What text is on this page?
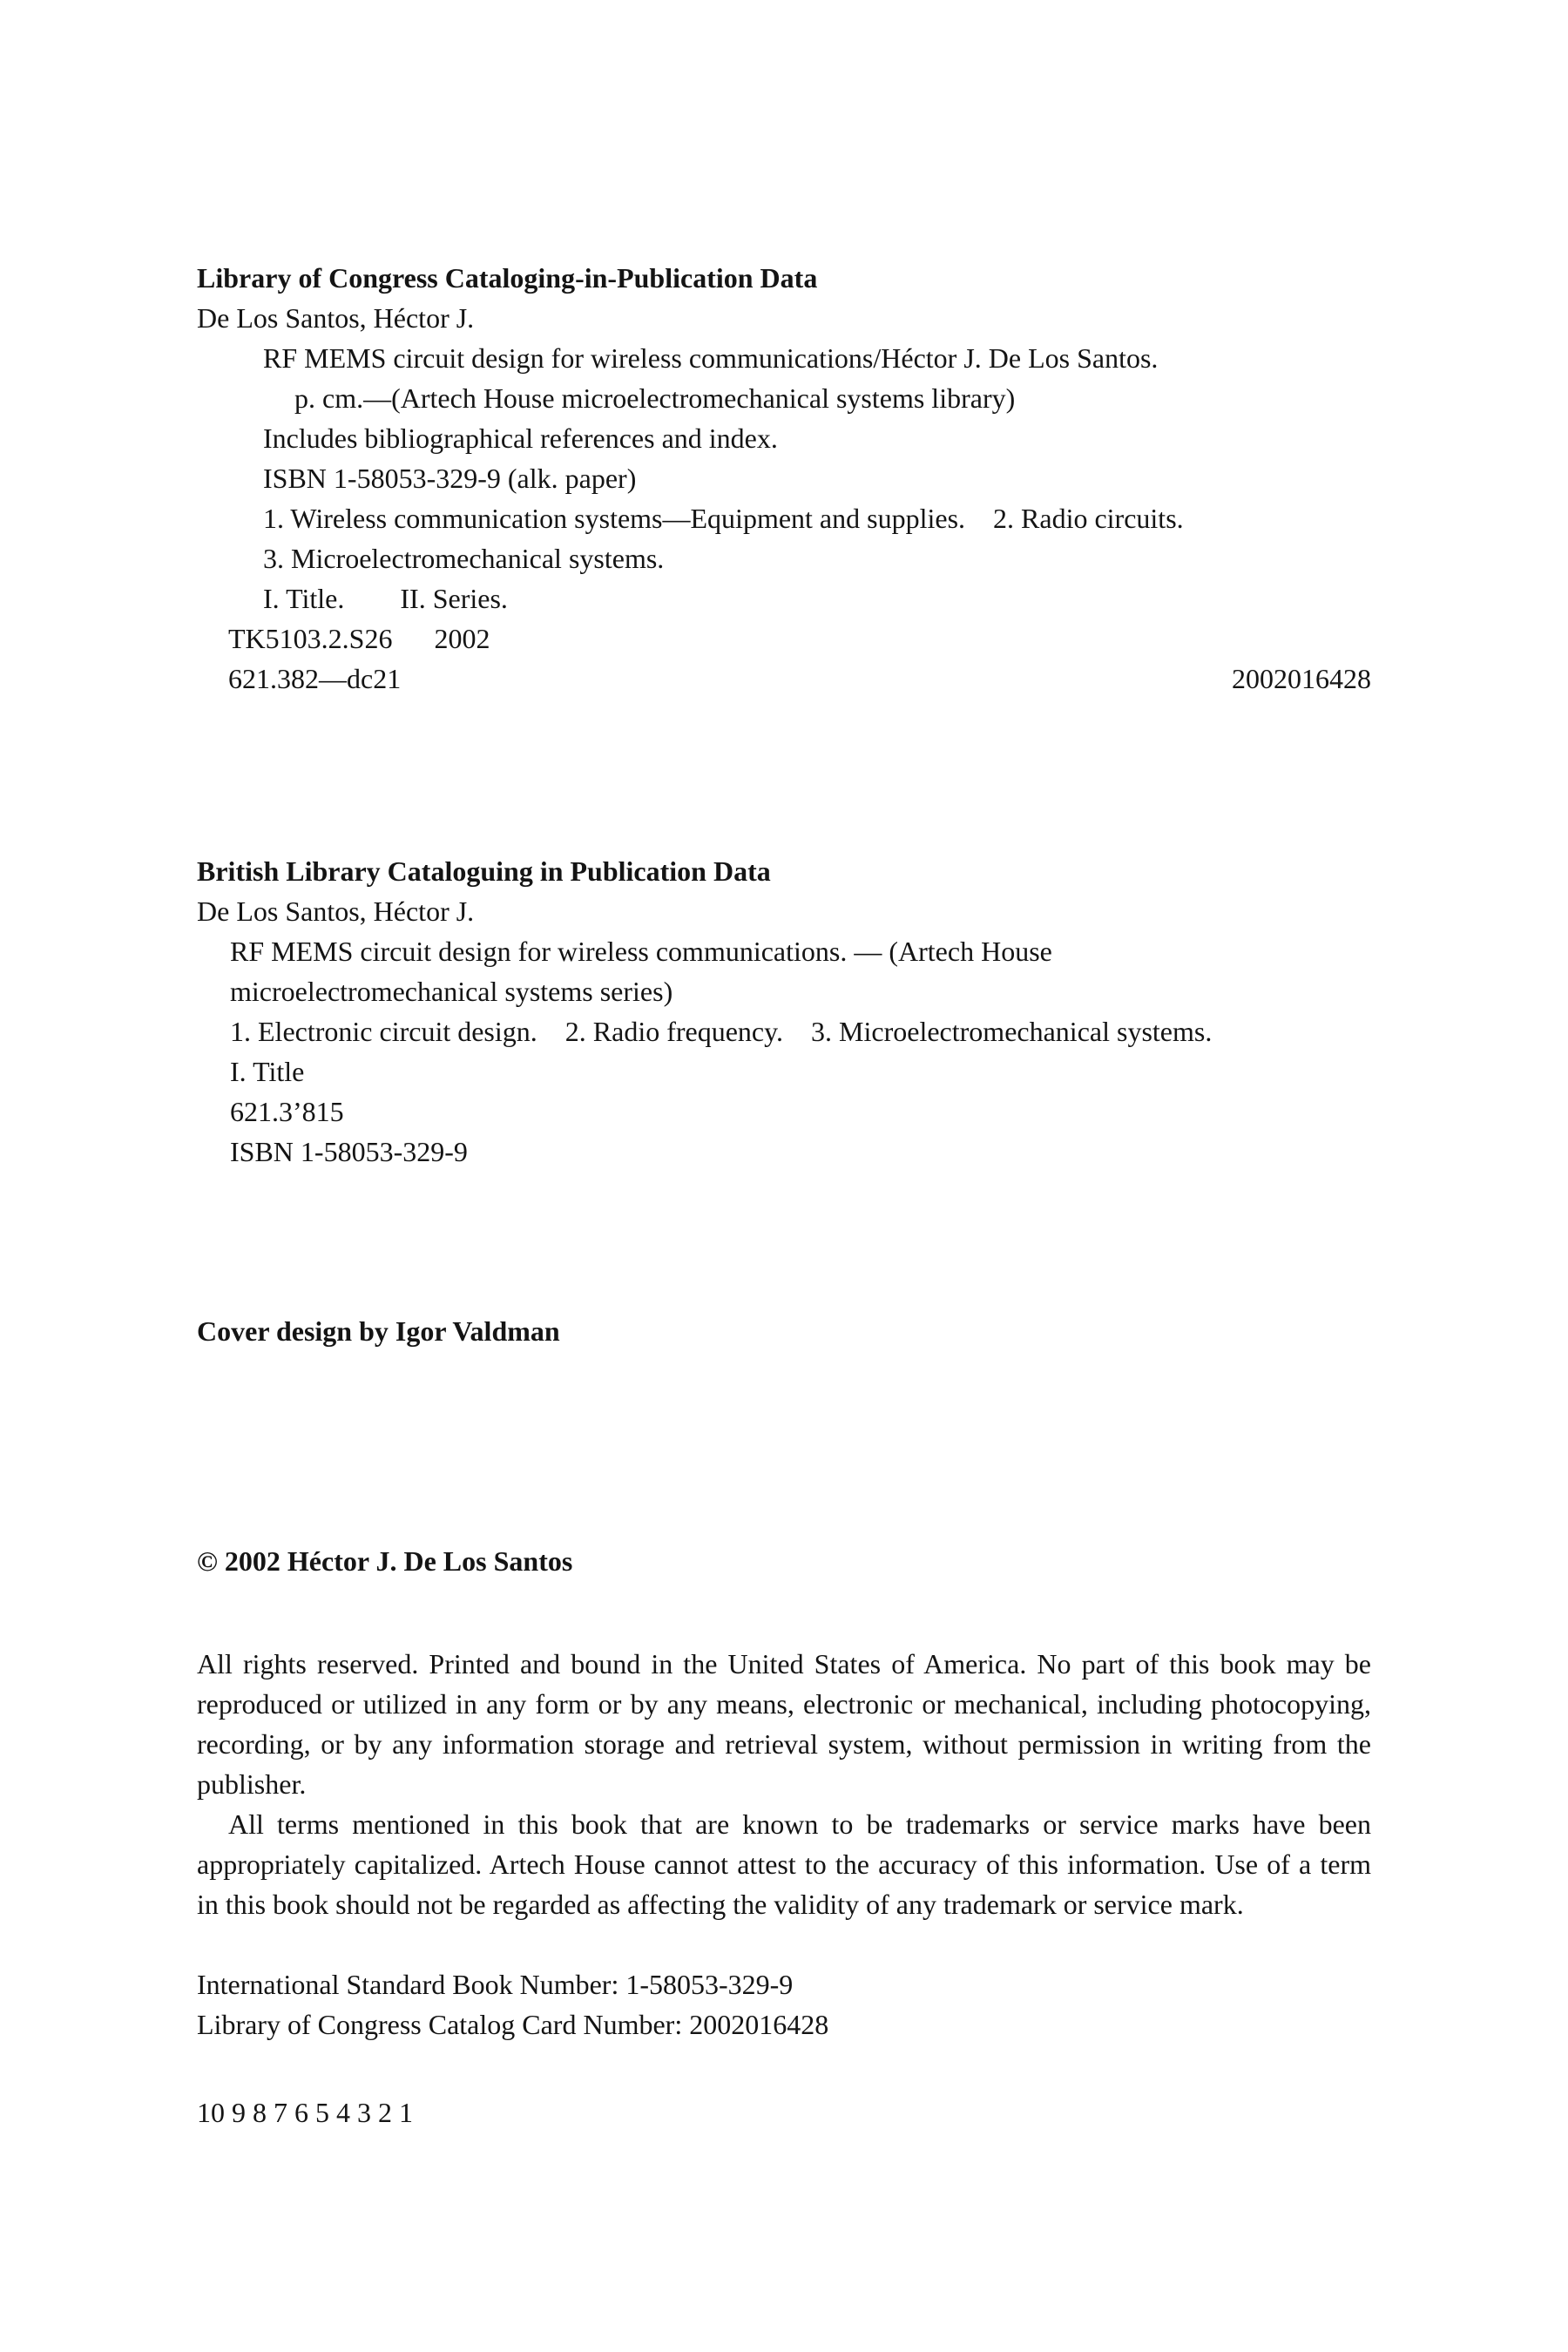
Library of Congress Cataloging-in-Publication Data
De Los Santos, Héctor J.
RF MEMS circuit design for wireless communications/Héctor J. De Los Santos.
p. cm.—(Artech House microelectromechanical systems library)
Includes bibliographical references and index.
ISBN 1-58053-329-9 (alk. paper)
1. Wireless communication systems—Equipment and supplies.    2. Radio circuits.
3. Microelectromechanical systems.
I. Title.        II. Series.
TK5103.2.S26      2002
621.382—dc21	2002016428
British Library Cataloguing in Publication Data
De Los Santos, Héctor J.
RF MEMS circuit design for wireless communications. — (Artech House
microelectromechanical systems series)
1. Electronic circuit design.    2. Radio frequency.    3. Microelectromechanical systems.
I. Title
621.3’815
ISBN 1-58053-329-9
Cover design by Igor Valdman
© 2002 Héctor J. De Los Santos

All rights reserved. Printed and bound in the United States of America. No part of this book may be reproduced or utilized in any form or by any means, electronic or mechanical, including photocopying, recording, or by any information storage and retrieval system, without permission in writing from the publisher.

All terms mentioned in this book that are known to be trademarks or service marks have been appropriately capitalized. Artech House cannot attest to the accuracy of this information. Use of a term in this book should not be regarded as affecting the validity of any trademark or service mark.

International Standard Book Number: 1-58053-329-9
Library of Congress Catalog Card Number: 2002016428
10 9 8 7 6 5 4 3 2 1
